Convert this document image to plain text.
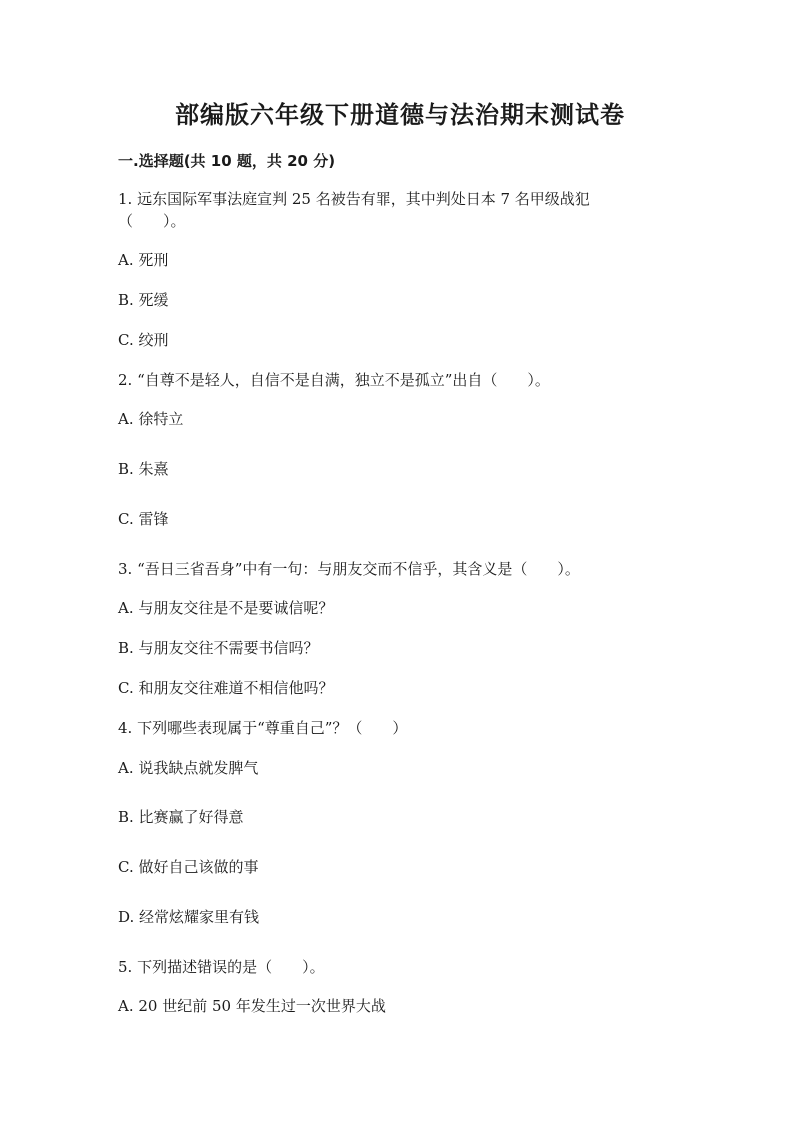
部编版六年级下册道德与法治期末测试卷
一.选择题(共 10 题，共 20 分)
1. 远东国际军事法庭宣判 25 名被告有罪，其中判处日本 7 名甲级战犯
（　　）。
A. 死刑
B. 死缓
C. 绞刑
2. “自尊不是轻人，自信不是自满，独立不是孤立”出自（　　）。
A. 徐特立
B. 朱熹
C. 雷锋
3. “吾日三省吾身”中有一句：与朋友交而不信乎，其含义是（　　）。
A. 与朋友交往是不是要诚信呢？
B. 与朋友交往不需要书信吗？
C. 和朋友交往难道不相信他吗？
4. 下列哪些表现属于“尊重自己”？（　　）
A. 说我缺点就发脾气
B. 比赛赢了好得意
C. 做好自己该做的事
D. 经常炫耀家里有钱
5. 下列描述错误的是（　　）。
A. 20 世纪前 50 年发生过一次世界大战
